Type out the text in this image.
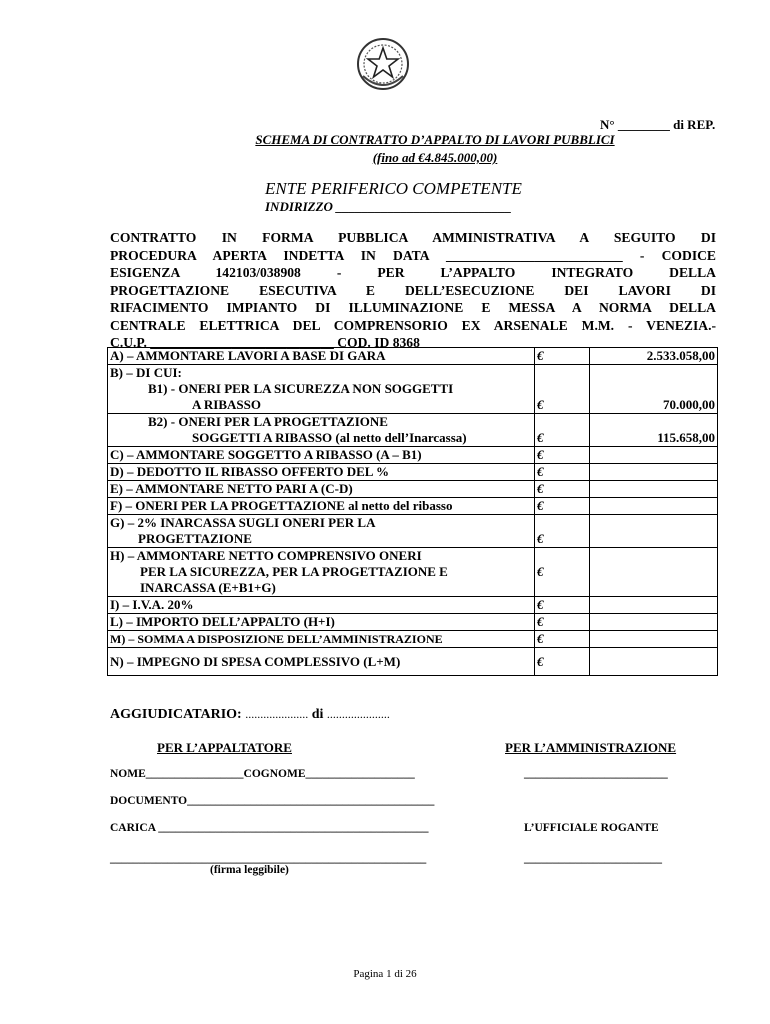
N° ________ di REP.
SCHEMA DI CONTRATTO D’APPALTO DI LAVORI PUBBLICI
(fino ad €4.845.000,00)
ENTE PERIFERICO COMPETENTE
INDIRIZZO ___________________________

CONTRATTO IN FORMA PUBBLICA AMMINISTRATIVA A SEGUITO DI

PROCEDURA APERTA INDETTA IN DATA __________________________ - CODICE

ESIGENZA 142103/038908 - PER L’APPALTO INTEGRATO DELLA

PROGETTAZIONE ESECUTIVA E DELL’ESECUZIONE DEI LAVORI DI

RIFACIMENTO IMPIANTO DI ILLUMINAZIONE E MESSA A NORMA DELLA

CENTRALE ELETTRICA DEL COMPRENSORIO EX ARSENALE M.M. - VENEZIA.-

C.U.P. ___________________________ COD. ID 8368

A) – AMMONTARE LAVORI A BASE DI GARA	€	2.533.058,00
B) – DI CUI:
B1) - ONERI PER LA SICUREZZA NON SOGGETTI
A RIBASSO	€	70.000,00

B2) - ONERI PER LA PROGETTAZIONE
SOGGETTI A RIBASSO (al netto dell’Inarcassa)	€	115.658,00
C) – AMMONTARE SOGGETTO A RIBASSO (A – B1)	€	
D) – DEDOTTO IL RIBASSO OFFERTO DEL %	€	
E) – AMMONTARE NETTO PARI A (C-D)	€	
F) – ONERI PER LA PROGETTAZIONE al netto del ribasso	€	
G) – 2% INARCASSA SUGLI ONERI PER LA
PROGETTAZIONE	€	
H) – AMMONTARE NETTO COMPRENSIVO ONERI
PER LA SICUREZZA, PER LA PROGETTAZIONE E
INARCASSA (E+B1+G)	€	
I) – I.V.A. 20%	€	
L) – IMPORTO DELL’APPALTO (H+I)	€	
M) – SOMMA A DISPOSIZIONE DELL’AMMINISTRAZIONE	€	
N) – IMPEGNO DI SPESA COMPLESSIVO (L+M)	€	
AGGIUDICATARIO: ..................... di .....................
PER L’APPALTATORE	PER L’AMMINISTRAZIONE
NOME_________________COGNOME___________________	_________________________
DOCUMENTO___________________________________________
CARICA _______________________________________________	L’UFFICIALE ROGANTE
_______________________________________________________	________________________
(firma leggibile)
Pagina 1 di 26
